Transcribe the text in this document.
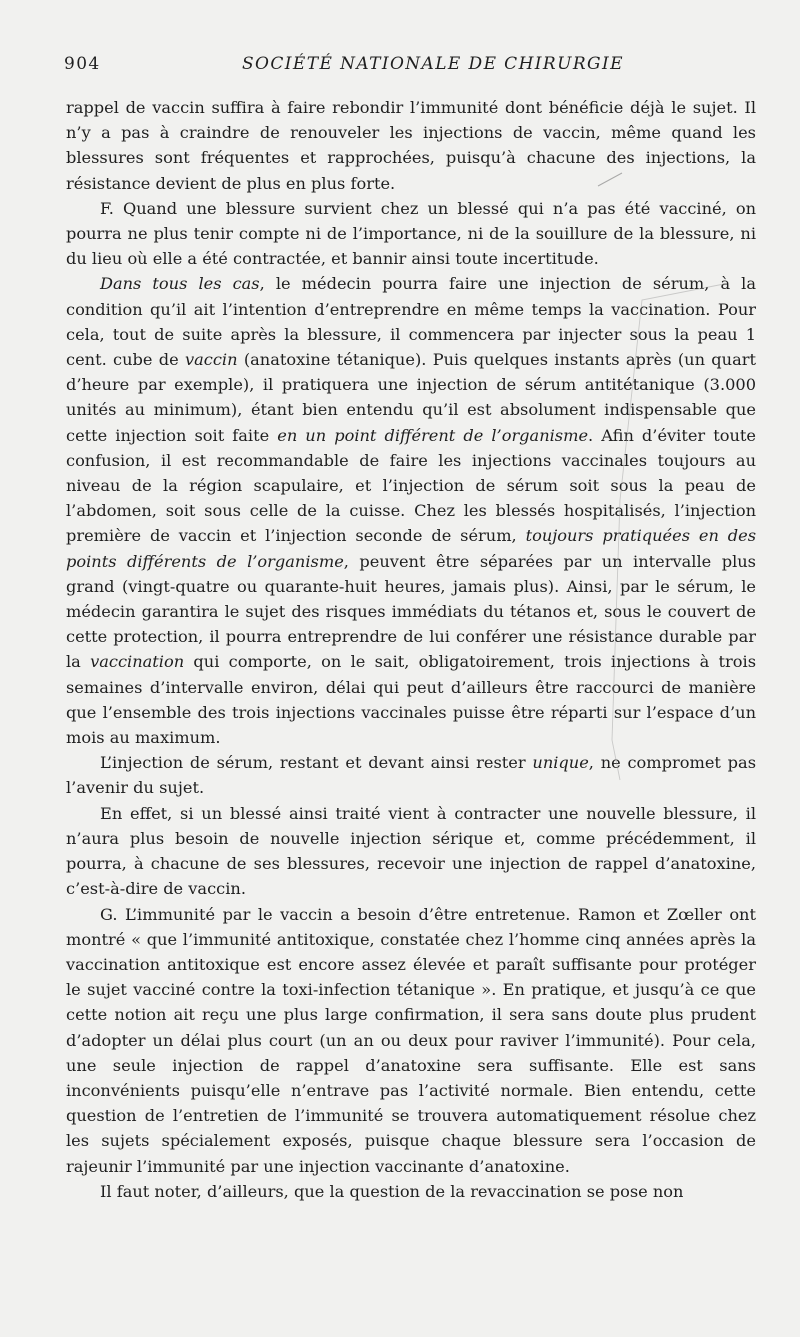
904	SOCIÉTÉ NATIONALE DE CHIRURGIE

rappel de vaccin suffira à faire rebondir l’immunité dont bénéficie déjà le sujet. Il n’y a pas à craindre de renouveler les injections de vaccin, même quand les blessures sont fréquentes et rapprochées, puisqu’à chacune des injections, la résistance devient de plus en plus forte.

F. Quand une blessure survient chez un blessé qui n’a pas été vacciné, on pourra ne plus tenir compte ni de l’importance, ni de la souillure de la blessure, ni du lieu où elle a été contractée, et bannir ainsi toute incertitude.

Dans tous les cas, le médecin pourra faire une injection de sérum, à la condition qu’il ait l’intention d’entreprendre en même temps la vaccination. Pour cela, tout de suite après la blessure, il commencera par injecter sous la peau 1 cent. cube de vaccin (anatoxine tétanique). Puis quelques instants après (un quart d’heure par exemple), il pratiquera une injection de sérum antitétanique (3.000 unités au minimum), étant bien entendu qu’il est absolument indispensable que cette injection soit faite en un point différent de l’organisme. Afin d’éviter toute confusion, il est recommandable de faire les injections vaccinales toujours au niveau de la région scapulaire, et l’injection de sérum soit sous la peau de l’abdomen, soit sous celle de la cuisse. Chez les blessés hospitalisés, l’injection première de vaccin et l’injection seconde de sérum, toujours pratiquées en des points différents de l’organisme, peuvent être séparées par un intervalle plus grand (vingt-quatre ou quarante-huit heures, jamais plus). Ainsi, par le sérum, le médecin garantira le sujet des risques immédiats du tétanos et, sous le couvert de cette protection, il pourra entreprendre de lui conférer une résistance durable par la vaccination qui comporte, on le sait, obligatoirement, trois injections à trois semaines d’intervalle environ, délai qui peut d’ailleurs être raccourci de manière que l’ensemble des trois injections vaccinales puisse être réparti sur l’espace d’un mois au maximum.

L’injection de sérum, restant et devant ainsi rester unique, ne compromet pas l’avenir du sujet.

En effet, si un blessé ainsi traité vient à contracter une nouvelle blessure, il n’aura plus besoin de nouvelle injection sérique et, comme précédemment, il pourra, à chacune de ses blessures, recevoir une injection de rappel d’anatoxine, c’est-à-dire de vaccin.

G. L’immunité par le vaccin a besoin d’être entretenue. Ramon et Zœller ont montré « que l’immunité antitoxique, constatée chez l’homme cinq années après la vaccination antitoxique est encore assez élevée et paraît suffisante pour protéger le sujet vacciné contre la toxi-infection tétanique ». En pratique, et jusqu’à ce que cette notion ait reçu une plus large confirmation, il sera sans doute plus prudent d’adopter un délai plus court (un an ou deux pour raviver l’immunité). Pour cela, une seule injection de rappel d’anatoxine sera suffisante. Elle est sans inconvénients puisqu’elle n’entrave pas l’activité normale. Bien entendu, cette question de l’entretien de l’immunité se trouvera automatiquement résolue chez les sujets spécialement exposés, puisque chaque blessure sera l’occasion de rajeunir l’immunité par une injection vaccinante d’anatoxine.

Il faut noter, d’ailleurs, que la question de la revaccination se pose non
